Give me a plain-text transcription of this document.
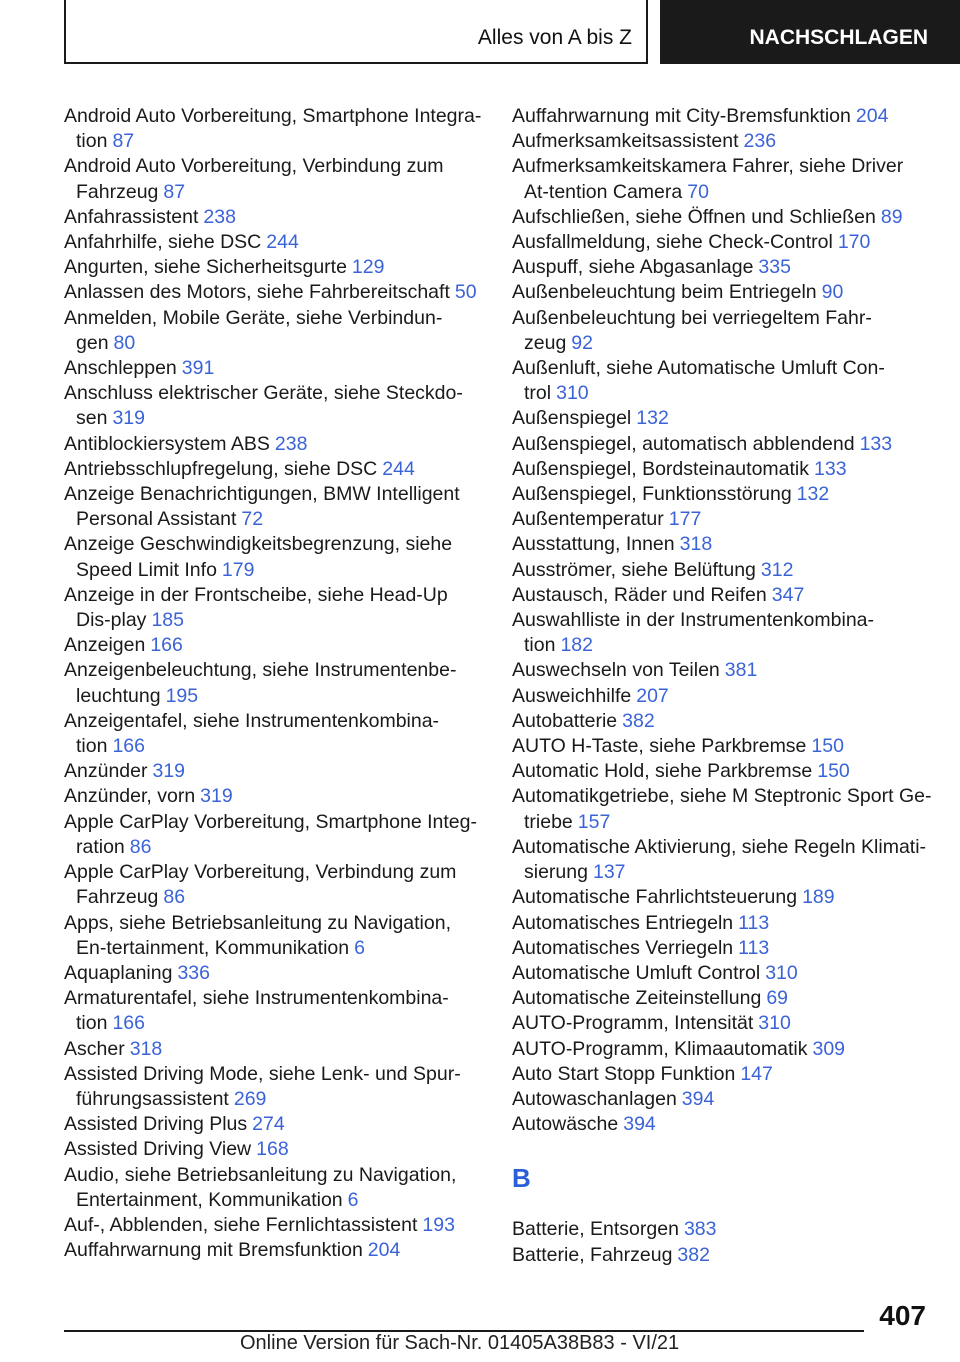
Alles von A bis Z	NACHSCHLAGEN
Android Auto Vorbereitung, Smartphone Integra-tion 87
Android Auto Vorbereitung, Verbindung zum Fahrzeug 87
Anfahrassistent 238
Anfahrhilfe, siehe DSC 244
Angurten, siehe Sicherheitsgurte 129
Anlassen des Motors, siehe Fahrbereitschaft 50
Anmelden, Mobile Geräte, siehe Verbindun-gen 80
Anschleppen 391
Anschluss elektrischer Geräte, siehe Steckdo-sen 319
Antiblockiersystem ABS 238
Antriebsschlupfregelung, siehe DSC 244
Anzeige Benachrichtigungen, BMW Intelligent Personal Assistant 72
Anzeige Geschwindigkeitsbegrenzung, siehe Speed Limit Info 179
Anzeige in der Frontscheibe, siehe Head-Up Dis-play 185
Anzeigen 166
Anzeigenbeleuchtung, siehe Instrumentenbe-leuchtung 195
Anzeigentafel, siehe Instrumentenkombina-tion 166
Anzünder 319
Anzünder, vorn 319
Apple CarPlay Vorbereitung, Smartphone Integ-ration 86
Apple CarPlay Vorbereitung, Verbindung zum Fahrzeug 86
Apps, siehe Betriebsanleitung zu Navigation, En-tertainment, Kommunikation 6
Aquaplaning 336
Armaturentafel, siehe Instrumentenkombina-tion 166
Ascher 318
Assisted Driving Mode, siehe Lenk- und Spur-führungsassistent 269
Assisted Driving Plus 274
Assisted Driving View 168
Audio, siehe Betriebsanleitung zu Navigation, Entertainment, Kommunikation 6
Auf-, Abblenden, siehe Fernlichtassistent 193
Auffahrwarnung mit Bremsfunktion 204
Auffahrwarnung mit City-Bremsfunktion 204
Aufmerksamkeitsassistent 236
Aufmerksamkeitskamera Fahrer, siehe Driver At-tention Camera 70
Aufschließen, siehe Öffnen und Schließen 89
Ausfallmeldung, siehe Check-Control 170
Auspuff, siehe Abgasanlage 335
Außenbeleuchtung beim Entriegeln 90
Außenbeleuchtung bei verriegeltem Fahr-zeug 92
Außenluft, siehe Automatische Umluft Con-trol 310
Außenspiegel 132
Außenspiegel, automatisch abblendend 133
Außenspiegel, Bordsteinautomatik 133
Außenspiegel, Funktionsstörung 132
Außentemperatur 177
Ausstattung, Innen 318
Ausströmer, siehe Belüftung 312
Austausch, Räder und Reifen 347
Auswahlliste in der Instrumentenkombina-tion 182
Auswechseln von Teilen 381
Ausweichhilfe 207
Autobatterie 382
AUTO H-Taste, siehe Parkbremse 150
Automatic Hold, siehe Parkbremse 150
Automatikgetriebe, siehe M Steptronic Sport Ge-triebe 157
Automatische Aktivierung, siehe Regeln Klimati-sierung 137
Automatische Fahrlichtsteuerung 189
Automatisches Entriegeln 113
Automatisches Verriegeln 113
Automatische Umluft Control 310
Automatische Zeiteinstellung 69
AUTO-Programm, Intensität 310
AUTO-Programm, Klimaautomatik 309
Auto Start Stopp Funktion 147
Autowaschanlagen 394
Autowäsche 394
B
Batterie, Entsorgen 383
Batterie, Fahrzeug 382
407
Online Version für Sach-Nr. 01405A38B83 - VI/21
